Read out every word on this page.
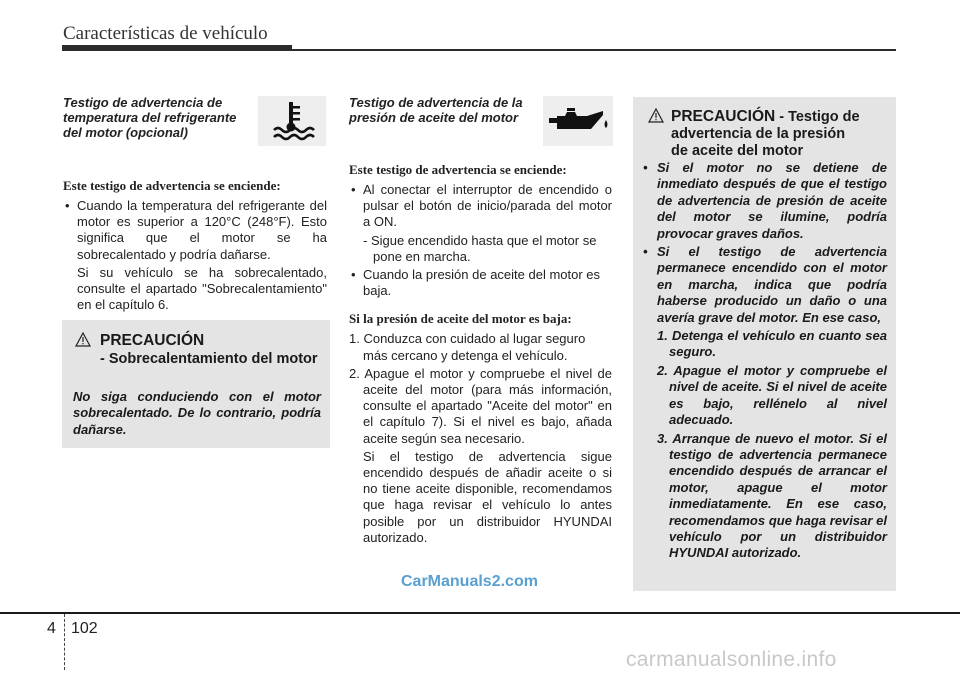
Características de vehículo
Testigo de advertencia de temperatura del refrigerante del motor (opcional)
Este testigo de advertencia se enciende:
• Cuando la temperatura del refrigerante del motor es superior a 120°C (248°F). Esto significa que el motor se ha sobrecalentado y podría dañarse.
Si su vehículo se ha sobrecalentado, consulte el apartado "Sobrecalentamiento" en el capítulo 6.
PRECAUCIÓN
- Sobrecalentamiento del motor
No siga conduciendo con el motor sobrecalentado. De lo contrario, podría dañarse.
Testigo de advertencia de la presión de aceite del motor
Este testigo de advertencia se enciende:
• Al conectar el interruptor de encendido o pulsar el botón de inicio/parada del motor a ON.
- Sigue encendido hasta que el motor se pone en marcha.
• Cuando la presión de aceite del motor es baja.
Si la presión de aceite del motor es baja:
1. Conduzca con cuidado al lugar seguro más cercano y detenga el vehículo.
2. Apague el motor y compruebe el nivel de aceite del motor (para más información, consulte el apartado "Aceite del motor" en el capítulo 7). Si el nivel es bajo, añada aceite según sea necesario.
Si el testigo de advertencia sigue encendido después de añadir aceite o si no tiene aceite disponible, recomendamos que haga revisar el vehículo lo antes posible por un distribuidor HYUNDAI autorizado.
PRECAUCIÓN - Testigo de
advertencia de la presión
de aceite del motor
• Si el motor no se detiene de inmediato después de que el testigo de advertencia de presión de aceite del motor se ilumine, podría provocar graves daños.
• Si el testigo de advertencia permanece encendido con el motor en marcha, indica que podría haberse producido un daño o una avería grave del motor. En ese caso,
1. Detenga el vehículo en cuanto sea seguro.
2. Apague el motor y compruebe el nivel de aceite. Si el nivel de aceite es bajo, rellénelo al nivel adecuado.
3. Arranque de nuevo el motor. Si el testigo de advertencia permanece encendido después de arrancar el motor, apague el motor inmediatamente. En ese caso, recomendamos que haga revisar el vehículo por un distribuidor HYUNDAI autorizado.
CarManuals2.com
4 102
carmanualsonline.info
